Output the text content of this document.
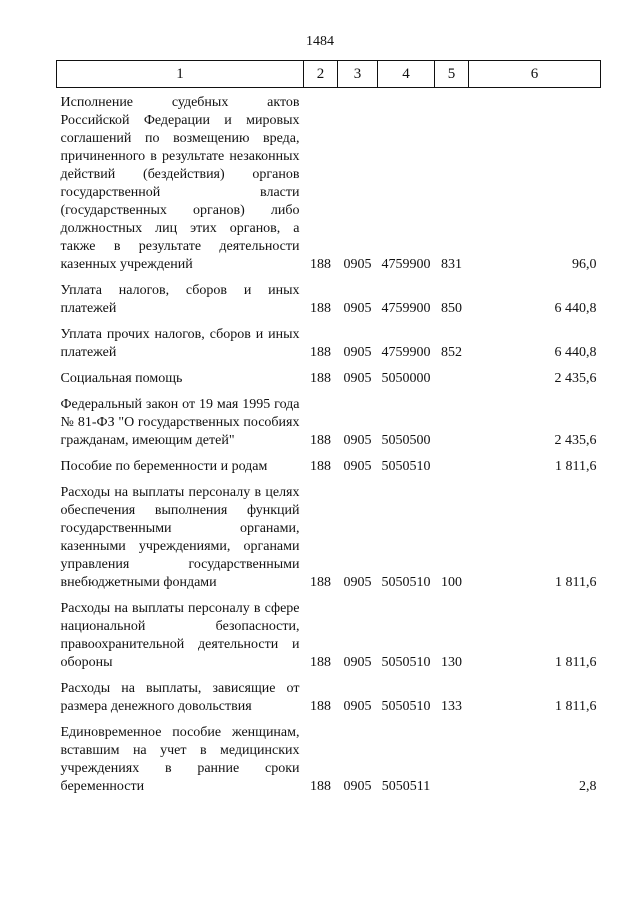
1484
1	2	3	4	5	6

Исполнение судебных актов Российской Федерации и мировых соглашений по возмещению вреда, причиненного в результате незаконных действий (бездействия) органов государственной власти (государственных органов) либо должностных лиц этих органов, а также в результате деятельности казенных учреждений	188	0905	4759900	831	96,0

Уплата налогов, сборов и иных платежей	188	0905	4759900	850	6 440,8

Уплата прочих налогов, сборов и иных платежей	188	0905	4759900	852	6 440,8

Социальная помощь	188	0905	5050000		2 435,6

Федеральный закон от 19 мая 1995 года № 81-ФЗ "О государственных пособиях гражданам, имеющим детей"	188	0905	5050500		2 435,6

Пособие по беременности и родам	188	0905	5050510		1 811,6

Расходы на выплаты персоналу в целях обеспечения выполнения функций государственными органами, казенными учреждениями, органами управления государственными внебюджетными фондами	188	0905	5050510	100	1 811,6

Расходы на выплаты персоналу в сфере национальной безопасности, правоохранительной деятельности и обороны	188	0905	5050510	130	1 811,6

Расходы на выплаты, зависящие от размера денежного довольствия	188	0905	5050510	133	1 811,6

Единовременное пособие женщинам, вставшим на учет в медицинских учреждениях в ранние сроки беременности	188	0905	5050511		2,8
